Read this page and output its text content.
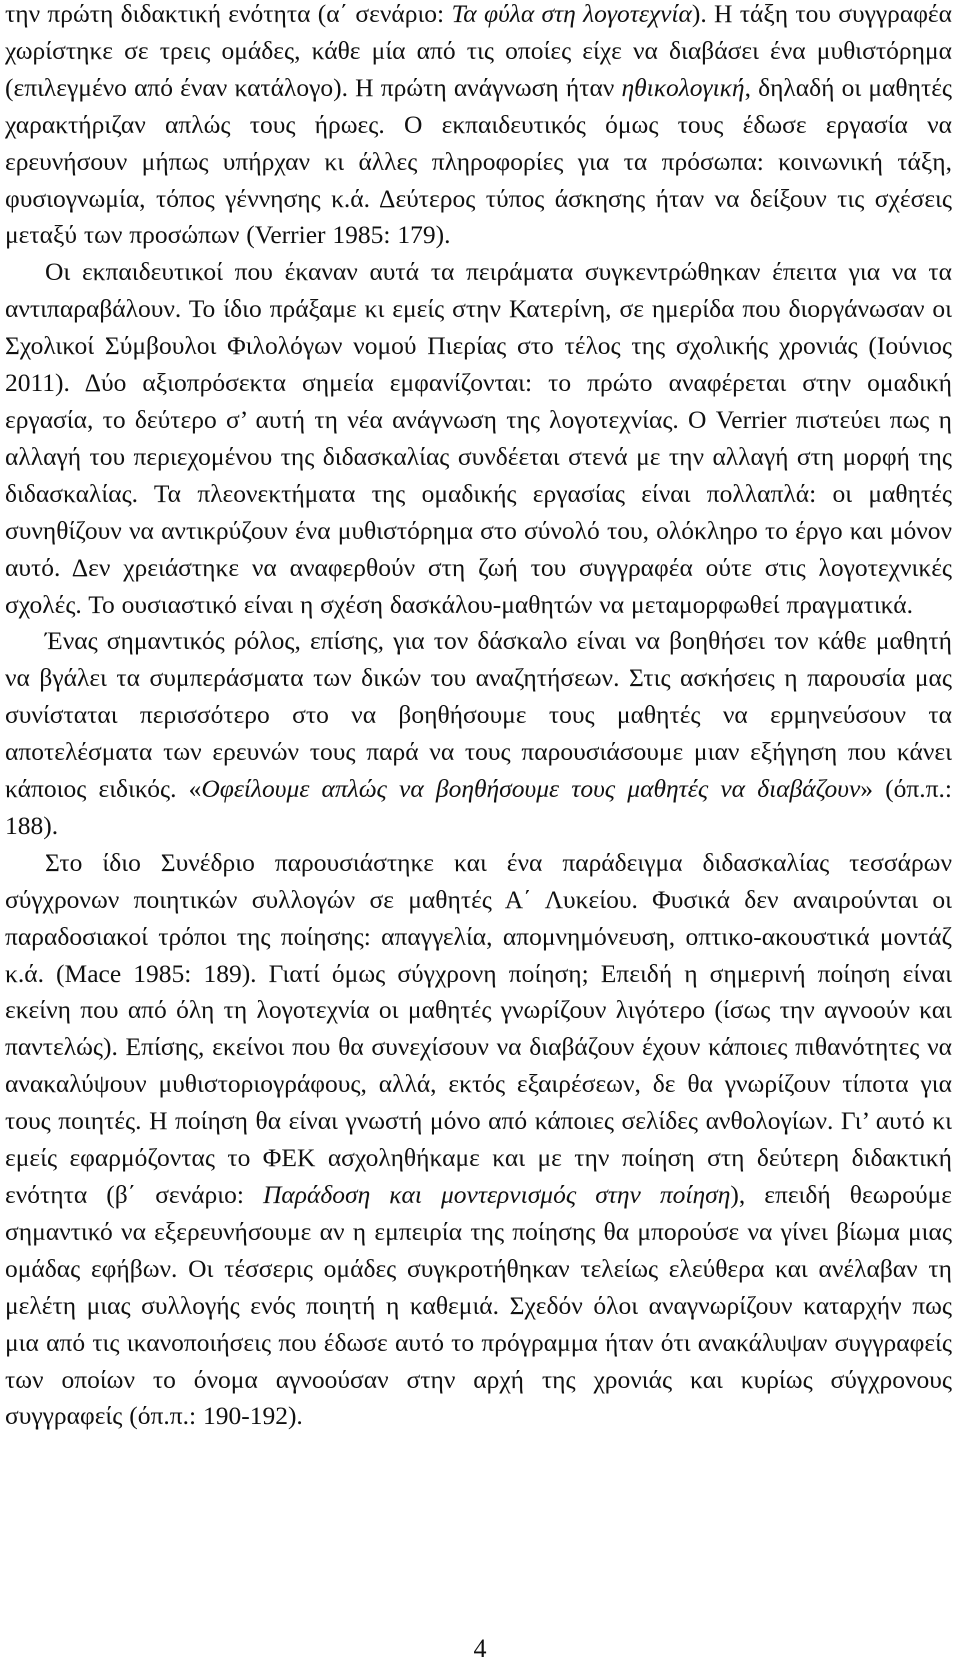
την πρώτη διδακτική ενότητα (α΄ σενάριο: Τα φύλα στη λογοτεχνία). Η τάξη του συγγραφέα χωρίστηκε σε τρεις ομάδες, κάθε μία από τις οποίες είχε να διαβάσει ένα μυθιστόρημα (επιλεγμένο από έναν κατάλογο). Η πρώτη ανάγνωση ήταν ηθικολογική, δηλαδή οι μαθητές χαρακτήριζαν απλώς τους ήρωες. Ο εκπαιδευτικός όμως τους έδωσε εργασία να ερευνήσουν μήπως υπήρχαν κι άλλες πληροφορίες για τα πρόσωπα: κοινωνική τάξη, φυσιογνωμία, τόπος γέννησης κ.ά. Δεύτερος τύπος άσκησης ήταν να δείξουν τις σχέσεις μεταξύ των προσώπων (Verrier 1985: 179).

Οι εκπαιδευτικοί που έκαναν αυτά τα πειράματα συγκεντρώθηκαν έπειτα για να τα αντιπαραβάλουν. Το ίδιο πράξαμε κι εμείς στην Κατερίνη, σε ημερίδα που διοργάνωσαν οι Σχολικοί Σύμβουλοι Φιλολόγων νομού Πιερίας στο τέλος της σχολικής χρονιάς (Ιούνιος 2011). Δύο αξιοπρόσεκτα σημεία εμφανίζονται: το πρώτο αναφέρεται στην ομαδική εργασία, το δεύτερο σ’ αυτή τη νέα ανάγνωση της λογοτεχνίας. Ο Verrier πιστεύει πως η αλλαγή του περιεχομένου της διδασκαλίας συνδέεται στενά με την αλλαγή στη μορφή της διδασκαλίας. Τα πλεονεκτήματα της ομαδικής εργασίας είναι πολλαπλά: οι μαθητές συνηθίζουν να αντικρύζουν ένα μυθιστόρημα στο σύνολό του, ολόκληρο το έργο και μόνον αυτό. Δεν χρειάστηκε να αναφερθούν στη ζωή του συγγραφέα ούτε στις λογοτεχνικές σχολές. Το ουσιαστικό είναι η σχέση δασκάλου-μαθητών να μεταμορφωθεί πραγματικά.

Ένας σημαντικός ρόλος, επίσης, για τον δάσκαλο είναι να βοηθήσει τον κάθε μαθητή να βγάλει τα συμπεράσματα των δικών του αναζητήσεων. Στις ασκήσεις η παρουσία μας συνίσταται περισσότερο στο να βοηθήσουμε τους μαθητές να ερμηνεύσουν τα αποτελέσματα των ερευνών τους παρά να τους παρουσιάσουμε μιαν εξήγηση που κάνει κάποιος ειδικός. «Οφείλουμε απλώς να βοηθήσουμε τους μαθητές να διαβάζουν» (όπ.π.: 188).

Στο ίδιο Συνέδριο παρουσιάστηκε και ένα παράδειγμα διδασκαλίας τεσσάρων σύγχρονων ποιητικών συλλογών σε μαθητές Α΄ Λυκείου. Φυσικά δεν αναιρούνται οι παραδοσιακοί τρόποι της ποίησης: απαγγελία, απομνημόνευση, οπτικο-ακουστικά μοντάζ κ.ά. (Mace 1985: 189). Γιατί όμως σύγχρονη ποίηση; Επειδή η σημερινή ποίηση είναι εκείνη που από όλη τη λογοτεχνία οι μαθητές γνωρίζουν λιγότερο (ίσως την αγνοούν και παντελώς). Επίσης, εκείνοι που θα συνεχίσουν να διαβάζουν έχουν κάποιες πιθανότητες να ανακαλύψουν μυθιστοριογράφους, αλλά, εκτός εξαιρέσεων, δε θα γνωρίζουν τίποτα για τους ποιητές. Η ποίηση θα είναι γνωστή μόνο από κάποιες σελίδες ανθολογίων. Γι’ αυτό κι εμείς εφαρμόζοντας το ΦΕΚ ασχοληθήκαμε και με την ποίηση στη δεύτερη διδακτική ενότητα (β΄ σενάριο: Παράδοση και μοντερνισμός στην ποίηση), επειδή θεωρούμε σημαντικό να εξερευνήσουμε αν η εμπειρία της ποίησης θα μπορούσε να γίνει βίωμα μιας ομάδας εφήβων. Οι τέσσερις ομάδες συγκροτήθηκαν τελείως ελεύθερα και ανέλαβαν τη μελέτη μιας συλλογής ενός ποιητή η καθεμιά. Σχεδόν όλοι αναγνωρίζουν καταρχήν πως μια από τις ικανοποιήσεις που έδωσε αυτό το πρόγραμμα ήταν ότι ανακάλυψαν συγγραφείς των οποίων το όνομα αγνοούσαν στην αρχή της χρονιάς και κυρίως σύγχρονους συγγραφείς (όπ.π.: 190-192).

4
